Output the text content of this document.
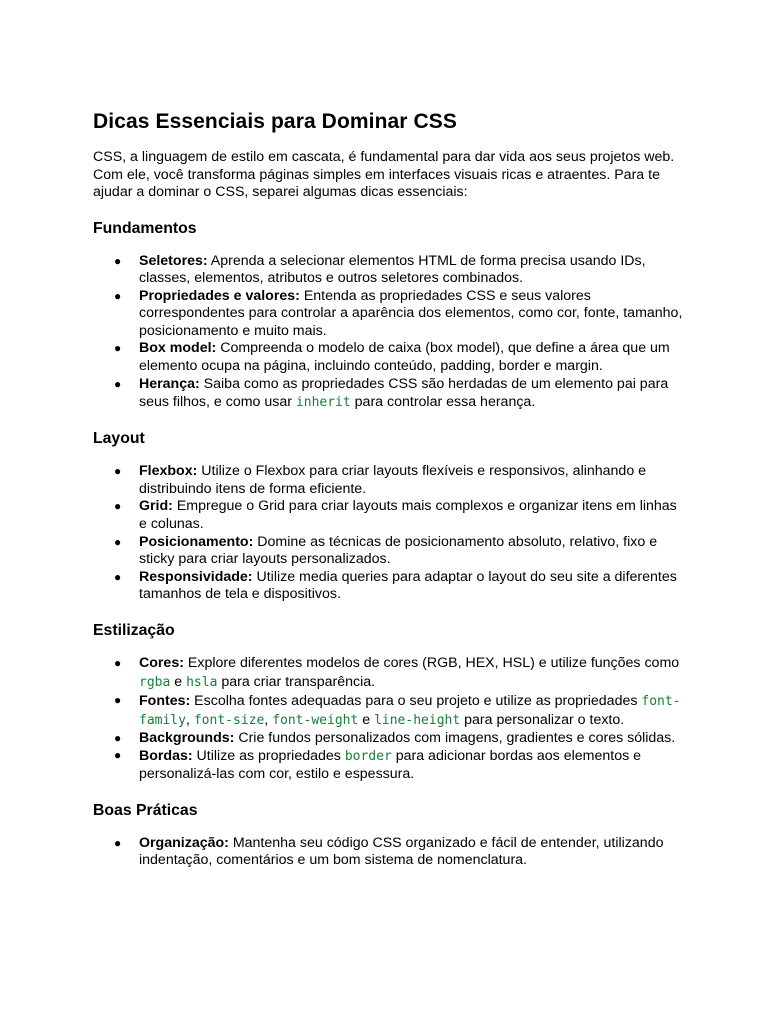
Dicas Essenciais para Dominar CSS

CSS, a linguagem de estilo em cascata, é fundamental para dar vida aos seus projetos web. Com ele, você transforma páginas simples em interfaces visuais ricas e atraentes. Para te ajudar a dominar o CSS, separei algumas dicas essenciais:

Fundamentos
● Seletores: Aprenda a selecionar elementos HTML de forma precisa usando IDs, classes, elementos, atributos e outros seletores combinados.
● Propriedades e valores: Entenda as propriedades CSS e seus valores correspondentes para controlar a aparência dos elementos, como cor, fonte, tamanho, posicionamento e muito mais.
● Box model: Compreenda o modelo de caixa (box model), que define a área que um elemento ocupa na página, incluindo conteúdo, padding, border e margin.
● Herança: Saiba como as propriedades CSS são herdadas de um elemento pai para seus filhos, e como usar inherit para controlar essa herança.
Layout
● Flexbox: Utilize o Flexbox para criar layouts flexíveis e responsivos, alinhando e distribuindo itens de forma eficiente.
● Grid: Empregue o Grid para criar layouts mais complexos e organizar itens em linhas e colunas.
● Posicionamento: Domine as técnicas de posicionamento absoluto, relativo, fixo e sticky para criar layouts personalizados.
● Responsividade: Utilize media queries para adaptar o layout do seu site a diferentes tamanhos de tela e dispositivos.
Estilização
● Cores: Explore diferentes modelos de cores (RGB, HEX, HSL) e utilize funções como rgba e hsla para criar transparência.
● Fontes: Escolha fontes adequadas para o seu projeto e utilize as propriedades font-family, font-size, font-weight e line-height para personalizar o texto.
● Backgrounds: Crie fundos personalizados com imagens, gradientes e cores sólidas.
● Bordas: Utilize as propriedades border para adicionar bordas aos elementos e personalizá-las com cor, estilo e espessura.
Boas Práticas
● Organização: Mantenha seu código CSS organizado e fácil de entender, utilizando indentação, comentários e um bom sistema de nomenclatura.
